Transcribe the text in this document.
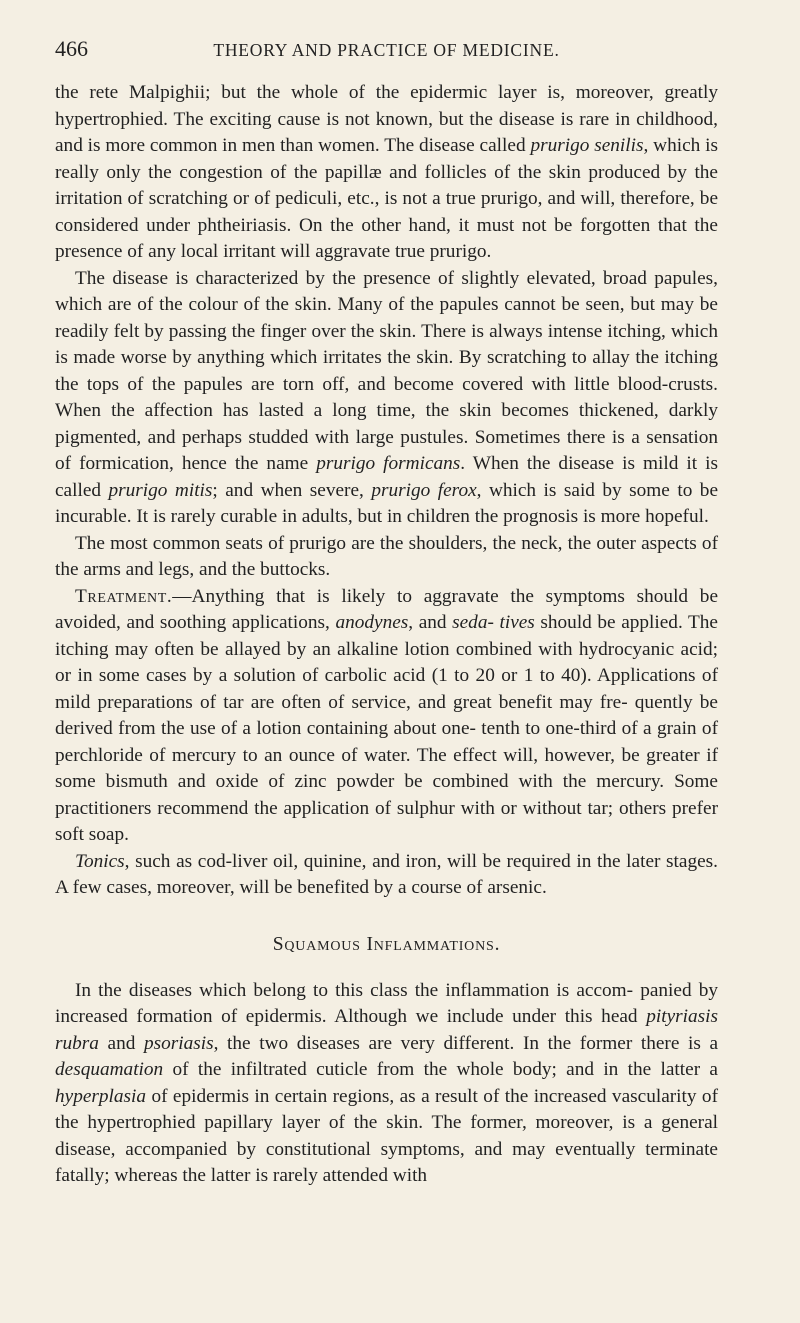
466	THEORY AND PRACTICE OF MEDICINE.

the rete Malpighii; but the whole of the epidermic layer is, moreover, greatly hypertrophied. The exciting cause is not known, but the disease is rare in childhood, and is more common in men than women. The disease called prurigo senilis, which is really only the congestion of the papillæ and follicles of the skin produced by the irritation of scratching or of pediculi, etc., is not a true prurigo, and will, therefore, be considered under phtheiriasis. On the other hand, it must not be forgotten that the presence of any local irritant will aggravate true prurigo.

The disease is characterized by the presence of slightly elevated, broad papules, which are of the colour of the skin. Many of the papules cannot be seen, but may be readily felt by passing the finger over the skin. There is always intense itching, which is made worse by anything which irritates the skin. By scratching to allay the itching the tops of the papules are torn off, and become covered with little blood-crusts. When the affection has lasted a long time, the skin becomes thickened, darkly pigmented, and perhaps studded with large pustules. Sometimes there is a sensation of formication, hence the name prurigo formicans. When the disease is mild it is called prurigo mitis; and when severe, prurigo ferox, which is said by some to be incurable. It is rarely curable in adults, but in children the prognosis is more hopeful.

The most common seats of prurigo are the shoulders, the neck, the outer aspects of the arms and legs, and the buttocks.

Treatment.—Anything that is likely to aggravate the symptoms should be avoided, and soothing applications, anodynes, and seda- tives should be applied. The itching may often be allayed by an alkaline lotion combined with hydrocyanic acid; or in some cases by a solution of carbolic acid (1 to 20 or 1 to 40). Applications of mild preparations of tar are often of service, and great benefit may fre- quently be derived from the use of a lotion containing about one- tenth to one-third of a grain of perchloride of mercury to an ounce of water. The effect will, however, be greater if some bismuth and oxide of zinc powder be combined with the mercury. Some practitioners recommend the application of sulphur with or without tar; others prefer soft soap.

Tonics, such as cod-liver oil, quinine, and iron, will be required in the later stages. A few cases, moreover, will be benefited by a course of arsenic.

Squamous Inflammations.

In the diseases which belong to this class the inflammation is accom- panied by increased formation of epidermis. Although we include under this head pityriasis rubra and psoriasis, the two diseases are very different. In the former there is a desquamation of the infiltrated cuticle from the whole body; and in the latter a hyperplasia of epidermis in certain regions, as a result of the increased vascularity of the hypertrophied papillary layer of the skin. The former, moreover, is a general disease, accompanied by constitutional symptoms, and may eventually terminate fatally; whereas the latter is rarely attended with
